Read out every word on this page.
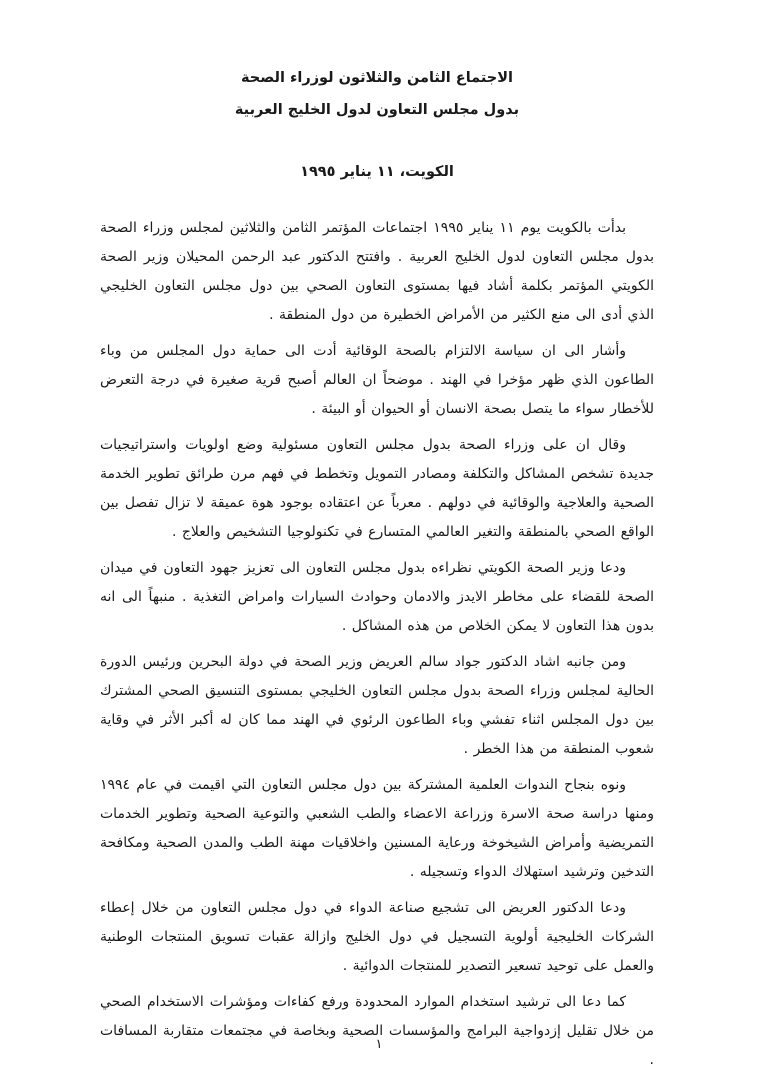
الاجتماع الثامن والثلاثون لوزراء الصحة
بدول مجلس التعاون لدول الخليج العربية
الكويت، ١١ يناير ١٩٩٥

بدأت بالكويت يوم ١١ يناير ١٩٩٥ اجتماعات المؤتمر الثامن والثلاثين لمجلس وزراء الصحة بدول مجلس التعاون لدول الخليج العربية . وافتتح الدكتور عبد الرحمن المحيلان وزير الصحة الكويتي المؤتمر بكلمة أشاد فيها بمستوى التعاون الصحي بين دول مجلس التعاون الخليجي الذي أدى الى منع الكثير من الأمراض الخطيرة من دول المنطقة .

وأشار الى ان سياسة الالتزام بالصحة الوقائية أدت الى حماية دول المجلس من وباء الطاعون الذي ظهر مؤخرا في الهند . موضحاً ان العالم أصبح قرية صغيرة في درجة التعرض للأخطار سواء ما يتصل بصحة الانسان أو الحيوان أو البيئة .

وقال ان على وزراء الصحة بدول مجلس التعاون مسئولية وضع اولويات واستراتيجيات جديدة تشخص المشاكل والتكلفة ومصادر التمويل وتخطط في فهم مرن طرائق تطوير الخدمة الصحية والعلاجية والوقائية في دولهم . معرباً عن اعتقاده بوجود هوة عميقة لا تزال تفصل بين الواقع الصحي بالمنطقة والتغير العالمي المتسارع في تكنولوجيا التشخيص والعلاج .

ودعا وزير الصحة الكويتي نظراءه بدول مجلس التعاون الى تعزيز جهود التعاون في ميدان الصحة للقضاء على مخاطر الايدز والادمان وحوادث السيارات وامراض التغذية . منبهاً الى انه بدون هذا التعاون لا يمكن الخلاص من هذه المشاكل .

ومن جانبه اشاد الدكتور جواد سالم العريض وزير الصحة في دولة البحرين ورئيس الدورة الحالية لمجلس وزراء الصحة بدول مجلس التعاون الخليجي بمستوى التنسيق الصحي المشترك بين دول المجلس اثناء تفشي وباء الطاعون الرئوي في الهند مما كان له أكبر الأثر في وقاية شعوب المنطقة من هذا الخطر .

ونوه بنجاح الندوات العلمية المشتركة بين دول مجلس التعاون التي اقيمت في عام ١٩٩٤ ومنها دراسة صحة الاسرة وزراعة الاعضاء والطب الشعبي والتوعية الصحية وتطوير الخدمات التمريضية وأمراض الشيخوخة ورعاية المسنين واخلاقيات مهنة الطب والمدن الصحية ومكافحة التدخين وترشيد استهلاك الدواء وتسجيله .

ودعا الدكتور العريض الى تشجيع صناعة الدواء في دول مجلس التعاون من خلال إعطاء الشركات الخليجية أولوية التسجيل في دول الخليج وازالة عقبات تسويق المنتجات الوطنية والعمل على توحيد تسعير التصدير للمنتجات الدوائية .

كما دعا الى ترشيد استخدام الموارد المحدودة ورفع كفاءات ومؤشرات الاستخدام الصحي من خلال تقليل إزدواجية البرامج والمؤسسات الصحية وبخاصة في مجتمعات متقاربة المسافات .

١
